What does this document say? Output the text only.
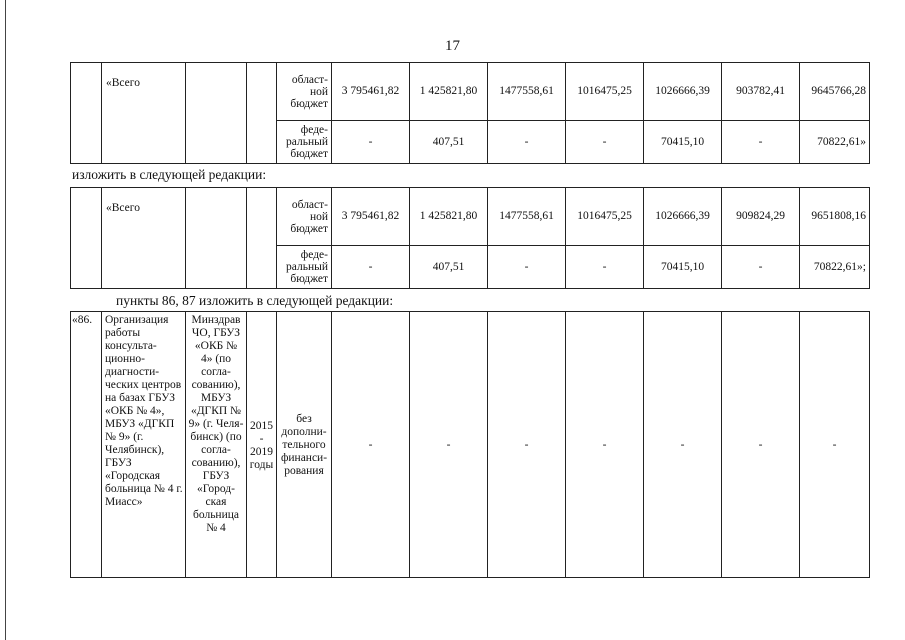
17
	«Всего			област-
ной
бюджет	3 795461,82	1 425821,80	1477558,61	1016475,25	1026666,39	903782,41	9645766,28
				феде-
ральный
бюджет	-	407,51	-	-	70415,10	-	70822,61»
изложить в следующей редакции:
	«Всего			област-
ной
бюджет	3 795461,82	1 425821,80	1477558,61	1016475,25	1026666,39	909824,29	9651808,16
				феде-
ральный
бюджет	-	407,51	-	-	70415,10	-	70822,61»;
пункты 86, 87 изложить в следующей редакции:
«86.	Организация работы консульта-ционно-диагности-ческих центров на базах ГБУЗ «ОКБ № 4», МБУЗ «ДГКП № 9» (г. Челябинск), ГБУЗ «Городская больница № 4 г. Миасс»	Минздрав ЧО, ГБУЗ «ОКБ № 4» (по согла-сованию), МБУЗ «ДГКП № 9» (г. Челя-бинск) (по согла-сованию), ГБУЗ «Город-ская больница № 4	2015 - 2019 годы	без дополни-тельного финанси-рования	-	-	-	-	-	-	-
